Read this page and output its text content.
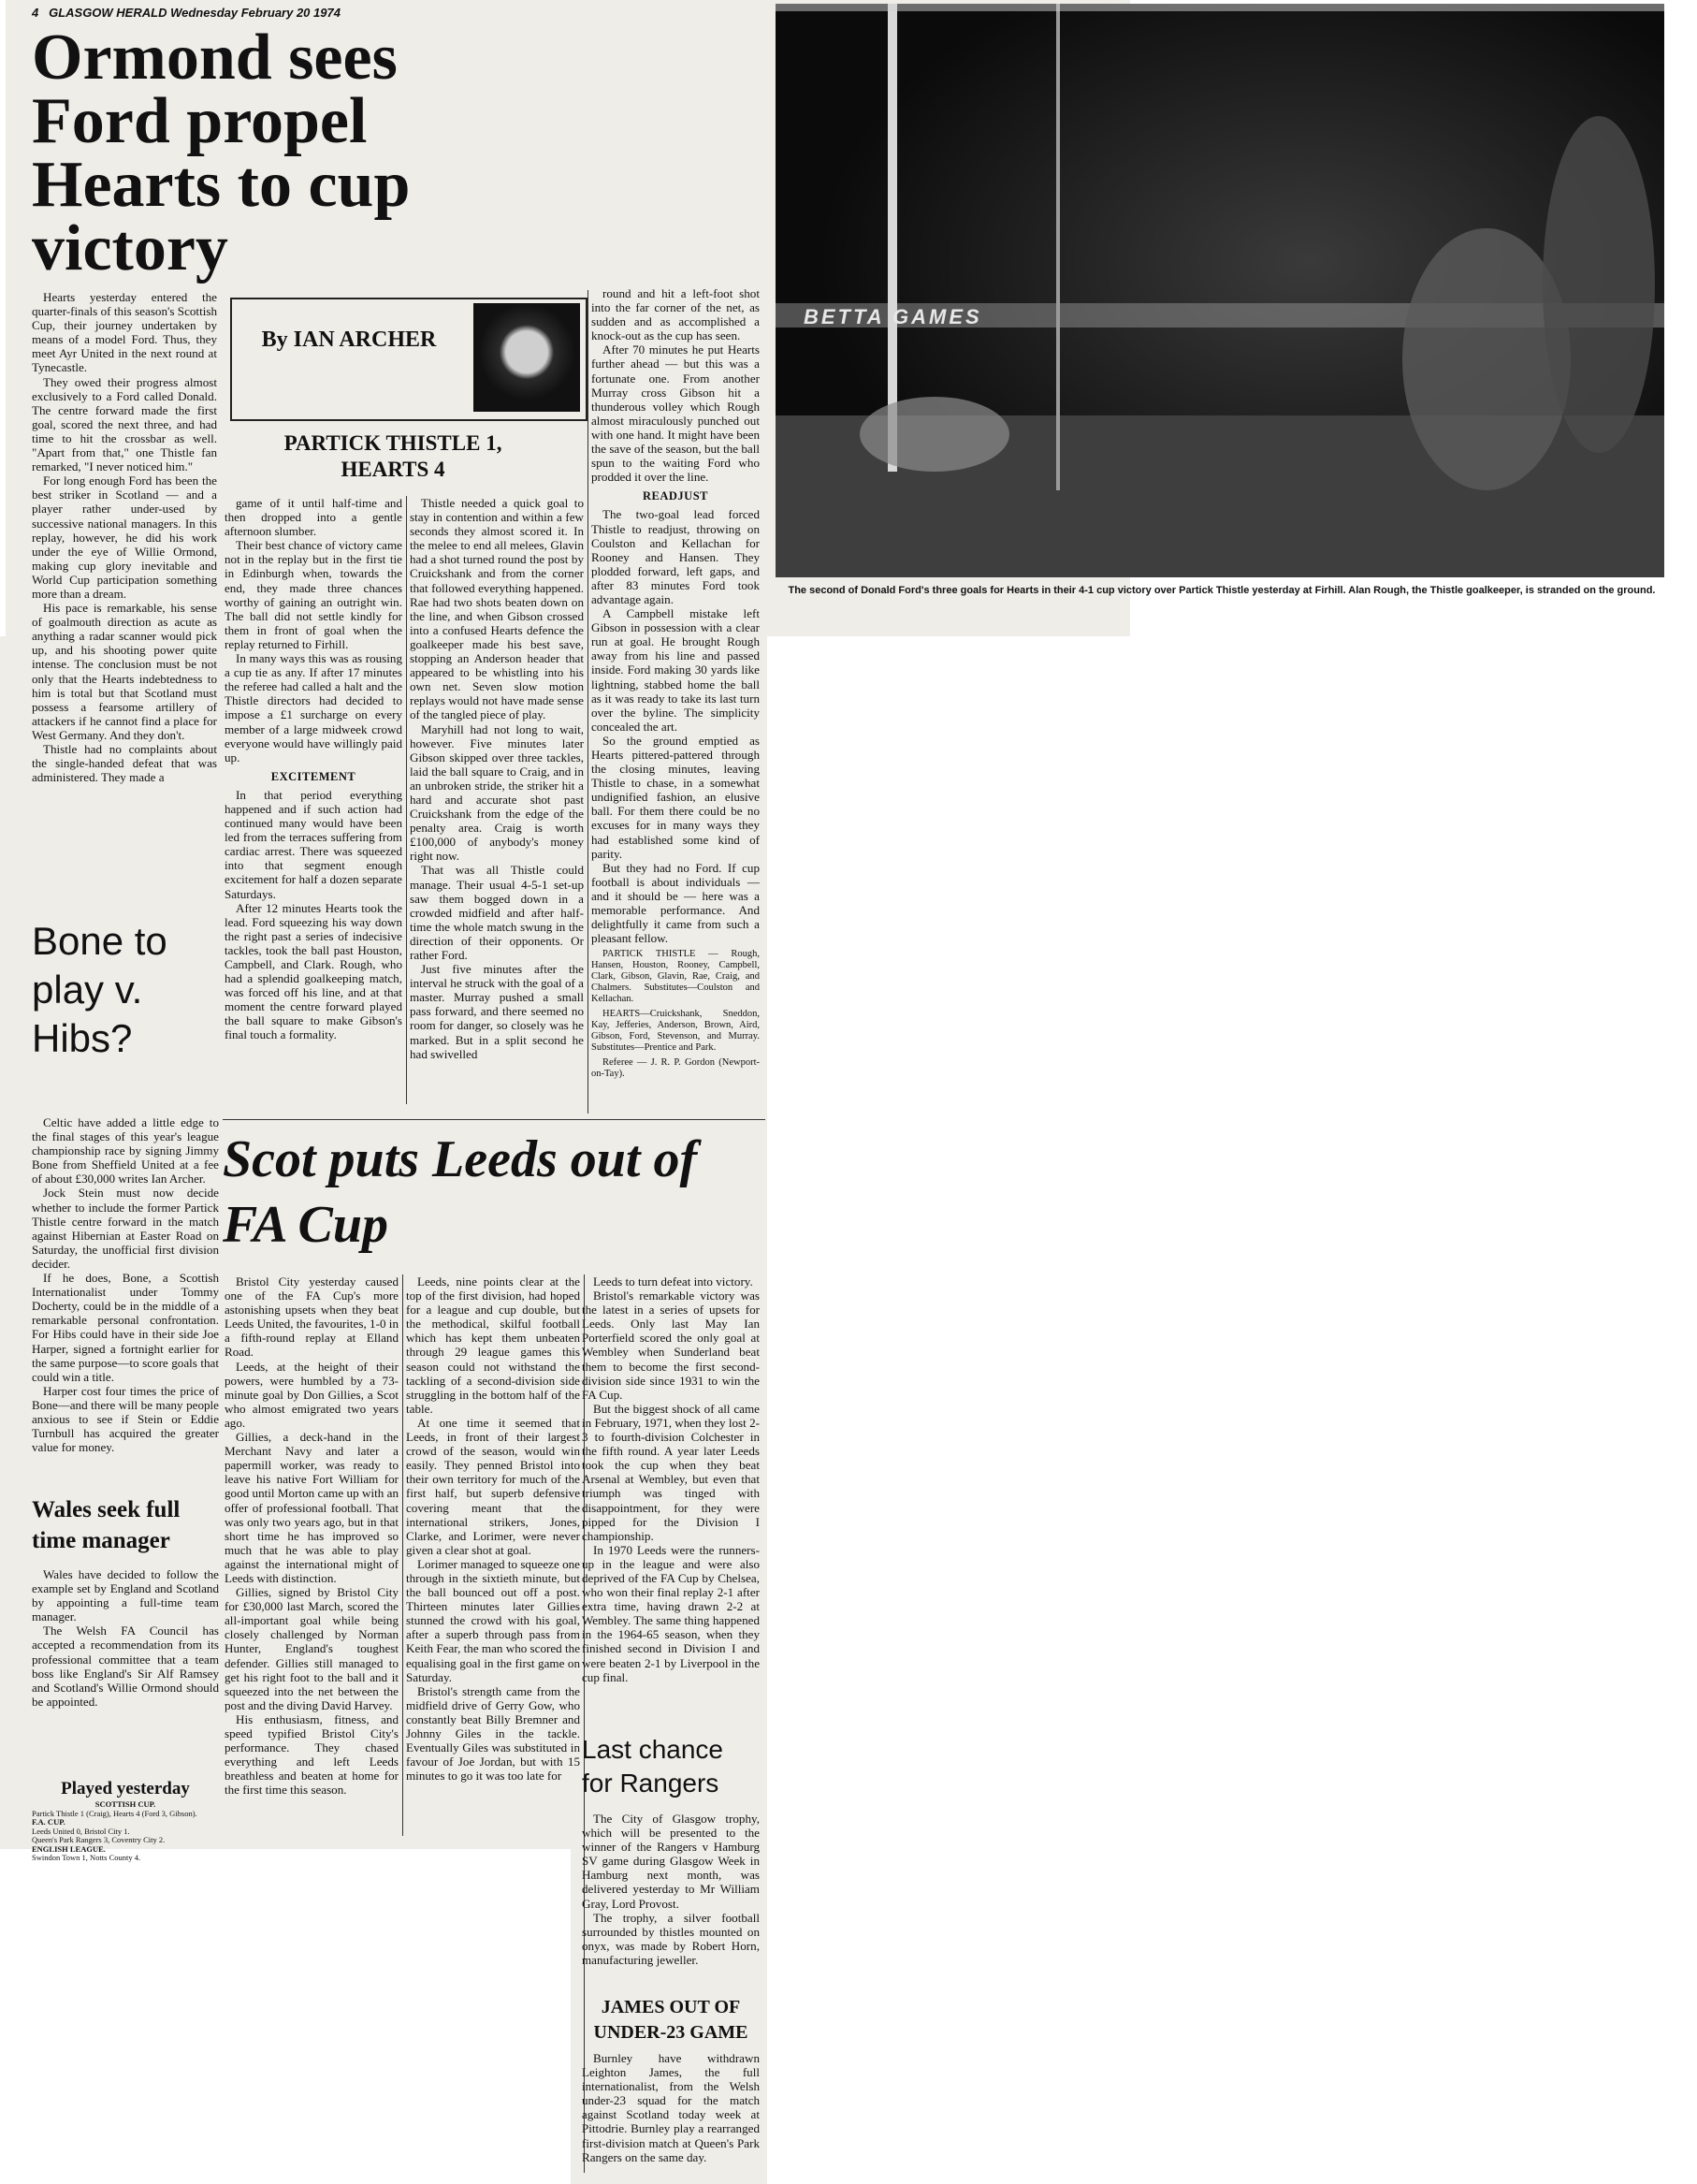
4 GLASGOW HERALD Wednesday February 20 1974
Ormond sees Ford propel Hearts to cup victory

Hearts yesterday entered the quarter-finals of this season's Scottish Cup, their journey undertaken by means of a model Ford. Thus, they meet Ayr United in the next round at Tynecastle.

They owed their progress almost exclusively to a Ford called Donald. The centre forward made the first goal, scored the next three, and had time to hit the crossbar as well. "Apart from that," one Thistle fan remarked, "I never noticed him."

For long enough Ford has been the best striker in Scotland — and a player rather under-used by successive national managers. In this replay, however, he did his work under the eye of Willie Ormond, making cup glory inevitable and World Cup participation something more than a dream.

His pace is remarkable, his sense of goalmouth direction as acute as anything a radar scanner would pick up, and his shooting power quite intense. The conclusion must be not only that the Hearts indebtedness to him is total but that Scotland must possess a fearsome artillery of attackers if he cannot find a place for West Germany. And they don't.

Thistle had no complaints about the single-handed defeat that was administered. They made a

By IAN ARCHER
PARTICK THISTLE 1, HEARTS 4

game of it until half-time and then dropped into a gentle afternoon slumber.

Their best chance of victory came not in the replay but in the first tie in Edinburgh when, towards the end, they made three chances worthy of gaining an outright win. The ball did not settle kindly for them in front of goal when the replay returned to Firhill.

In many ways this was as rousing a cup tie as any. If after 17 minutes the referee had called a halt and the Thistle directors had decided to impose a £1 surcharge on every member of a large midweek crowd everyone would have willingly paid up.

EXCITEMENT

In that period everything happened and if such action had continued many would have been led from the terraces suffering from cardiac arrest. There was squeezed into that segment enough excitement for half a dozen separate Saturdays.

After 12 minutes Hearts took the lead. Ford squeezing his way down the right past a series of indecisive tackles, took the ball past Houston, Campbell, and Clark. Rough, who had a splendid goalkeeping match, was forced off his line, and at that moment the centre forward played the ball square to make Gibson's final touch a formality.

Thistle needed a quick goal to stay in contention and within a few seconds they almost scored it. In the melee to end all melees, Glavin had a shot turned round the post by Cruickshank and from the corner that followed everything happened. Rae had two shots beaten down on the line, and when Gibson crossed into a confused Hearts defence the goalkeeper made his best save, stopping an Anderson header that appeared to be whistling into his own net. Seven slow motion replays would not have made sense of the tangled piece of play.

Maryhill had not long to wait, however. Five minutes later Gibson skipped over three tackles, laid the ball square to Craig, and in an unbroken stride, the striker hit a hard and accurate shot past Cruickshank from the edge of the penalty area. Craig is worth £100,000 of anybody's money right now.

That was all Thistle could manage. Their usual 4-5-1 set-up saw them bogged down in a crowded midfield and after half-time the whole match swung in the direction of their opponents. Or rather Ford.

Just five minutes after the interval he struck with the goal of a master. Murray pushed a small pass forward, and there seemed no room for danger, so closely was he marked. But in a split second he had swivelled

round and hit a left-foot shot into the far corner of the net, as sudden and as accomplished a knock-out as the cup has seen.

After 70 minutes he put Hearts further ahead — but this was a fortunate one. From another Murray cross Gibson hit a thunderous volley which Rough almost miraculously punched out with one hand. It might have been the save of the season, but the ball spun to the waiting Ford who prodded it over the line.

READJUST

The two-goal lead forced Thistle to readjust, throwing on Coulston and Kellachan for Rooney and Hansen. They plodded forward, left gaps, and after 83 minutes Ford took advantage again.

A Campbell mistake left Gibson in possession with a clear run at goal. He brought Rough away from his line and passed inside. Ford making 30 yards like lightning, stabbed home the ball as it was ready to take its last turn over the byline. The simplicity concealed the art.

So the ground emptied as Hearts pittered-pattered through the closing minutes, leaving Thistle to chase, in a somewhat undignified fashion, an elusive ball. For them there could be no excuses for in many ways they had established some kind of parity.

But they had no Ford. If cup football is about individuals — and it should be — here was a memorable performance. And delightfully it came from such a pleasant fellow.

PARTICK THISTLE — Rough, Hansen, Houston, Rooney, Campbell, Clark, Gibson, Glavin, Rae, Craig, and Chalmers. Substitutes—Coulston and Kellachan.

HEARTS—Cruickshank, Sneddon, Kay, Jefferies, Anderson, Brown, Aird, Gibson, Ford, Stevenson, and Murray. Substitutes—Prentice and Park.

Referee — J. R. P. Gordon (Newport-on-Tay).

BETTA GAMES
The second of Donald Ford's three goals for Hearts in their 4-1 cup victory over Partick Thistle yesterday at Firhill. Alan Rough, the Thistle goalkeeper, is stranded on the ground.
Bone to play v. Hibs?

Celtic have added a little edge to the final stages of this year's league championship race by signing Jimmy Bone from Sheffield United at a fee of about £30,000 writes Ian Archer.

Jock Stein must now decide whether to include the former Partick Thistle centre forward in the match against Hibernian at Easter Road on Saturday, the unofficial first division decider.

If he does, Bone, a Scottish Internationalist under Tommy Docherty, could be in the middle of a remarkable personal confrontation. For Hibs could have in their side Joe Harper, signed a fortnight earlier for the same purpose—to score goals that could win a title.

Harper cost four times the price of Bone—and there will be many people anxious to see if Stein or Eddie Turnbull has acquired the greater value for money.

Wales seek full time manager

Wales have decided to follow the example set by England and Scotland by appointing a full-time team manager.

The Welsh FA Council has accepted a recommendation from its professional committee that a team boss like England's Sir Alf Ramsey and Scotland's Willie Ormond should be appointed.

Played yesterday
SCOTTISH CUP.
Partick Thistle 1 (Craig), Hearts 4 (Ford 3, Gibson).
F.A. CUP.
Leeds United 0, Bristol City 1.
Queen's Park Rangers 3, Coventry City 2.
ENGLISH LEAGUE.
Swindon Town 1, Notts County 4.
Scot puts Leeds out of FA Cup

Bristol City yesterday caused one of the FA Cup's more astonishing upsets when they beat Leeds United, the favourites, 1-0 in a fifth-round replay at Elland Road.

Leeds, at the height of their powers, were humbled by a 73-minute goal by Don Gillies, a Scot who almost emigrated two years ago.

Gillies, a deck-hand in the Merchant Navy and later a papermill worker, was ready to leave his native Fort William for good until Morton came up with an offer of professional football. That was only two years ago, but in that short time he has improved so much that he was able to play against the international might of Leeds with distinction.

Gillies, signed by Bristol City for £30,000 last March, scored the all-important goal while being closely challenged by Norman Hunter, England's toughest defender. Gillies still managed to get his right foot to the ball and it squeezed into the net between the post and the diving David Harvey.

His enthusiasm, fitness, and speed typified Bristol City's performance. They chased everything and left Leeds breathless and beaten at home for the first time this season.

Leeds, nine points clear at the top of the first division, had hoped for a league and cup double, but the methodical, skilful football which has kept them unbeaten through 29 league games this season could not withstand the tackling of a second-division side struggling in the bottom half of the table.

At one time it seemed that Leeds, in front of their largest crowd of the season, would win easily. They penned Bristol into their own territory for much of the first half, but superb defensive covering meant that the international strikers, Jones, Clarke, and Lorimer, were never given a clear shot at goal.

Lorimer managed to squeeze one through in the sixtieth minute, but the ball bounced out off a post. Thirteen minutes later Gillies stunned the crowd with his goal, after a superb through pass from Keith Fear, the man who scored the equalising goal in the first game on Saturday.

Bristol's strength came from the midfield drive of Gerry Gow, who constantly beat Billy Bremner and Johnny Giles in the tackle. Eventually Giles was substituted in favour of Joe Jordan, but with 15 minutes to go it was too late for

Leeds to turn defeat into victory.

Bristol's remarkable victory was the latest in a series of upsets for Leeds. Only last May Ian Porterfield scored the only goal at Wembley when Sunderland beat them to become the first second-division side since 1931 to win the FA Cup.

But the biggest shock of all came in February, 1971, when they lost 2-3 to fourth-division Colchester in the fifth round. A year later Leeds took the cup when they beat Arsenal at Wembley, but even that triumph was tinged with disappointment, for they were pipped for the Division I championship.

In 1970 Leeds were the runners-up in the league and were also deprived of the FA Cup by Chelsea, who won their final replay 2-1 after extra time, having drawn 2-2 at Wembley. The same thing happened in the 1964-65 season, when they finished second in Division I and were beaten 2-1 by Liverpool in the cup final.

Last chance for Rangers

The City of Glasgow trophy, which will be presented to the winner of the Rangers v Hamburg SV game during Glasgow Week in Hamburg next month, was delivered yesterday to Mr William Gray, Lord Provost.

The trophy, a silver football surrounded by thistles mounted on onyx, was made by Robert Horn, manufacturing jeweller.

JAMES OUT OF UNDER-23 GAME

Burnley have withdrawn Leighton James, the full internationalist, from the Welsh under-23 squad for the match against Scotland today week at Pittodrie. Burnley play a rearranged first-division match at Queen's Park Rangers on the same day.
